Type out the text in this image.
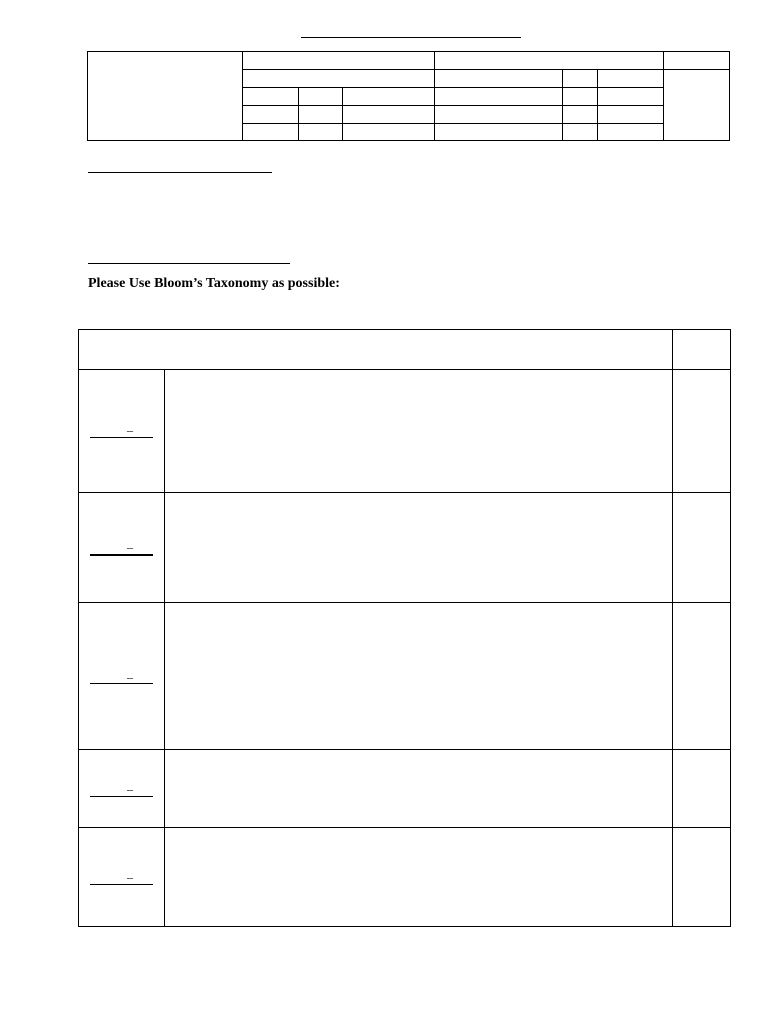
Please Use Bloom’s Taxonomy as possible:
–
–
–
–
–
